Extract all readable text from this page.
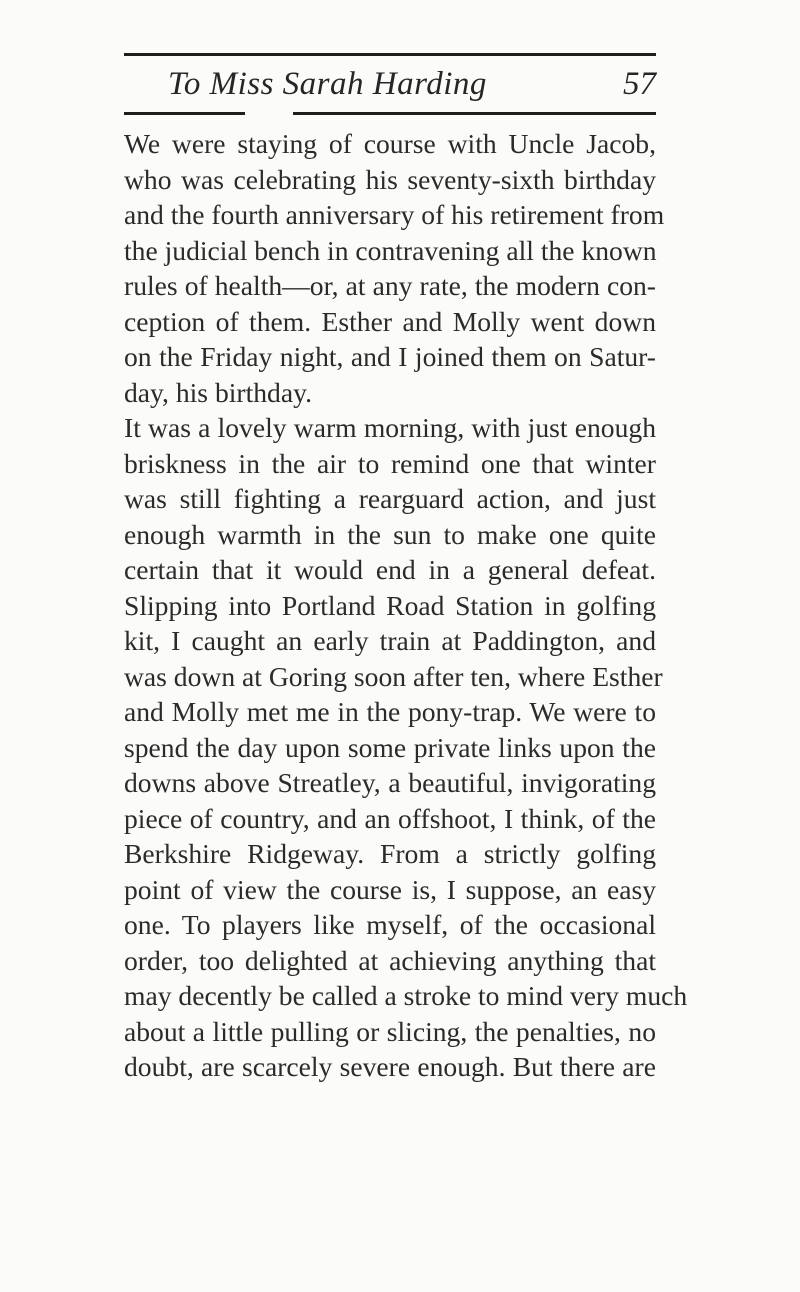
To Miss Sarah Harding	57
We were staying of course with Uncle Jacob,
who was celebrating his seventy-sixth birthday
and the fourth anniversary of his retirement from
the judicial bench in contravening all the known
rules of health—or, at any rate, the modern con-
ception of them. Esther and Molly went down
on the Friday night, and I joined them on Satur-
day, his birthday.
It was a lovely warm morning, with just enough
briskness in the air to remind one that winter
was still fighting a rearguard action, and just
enough warmth in the sun to make one quite
certain that it would end in a general defeat.
Slipping into Portland Road Station in golfing
kit, I caught an early train at Paddington, and
was down at Goring soon after ten, where Esther
and Molly met me in the pony-trap. We were to
spend the day upon some private links upon the
downs above Streatley, a beautiful, invigorating
piece of country, and an offshoot, I think, of the
Berkshire Ridgeway. From a strictly golfing
point of view the course is, I suppose, an easy
one. To players like myself, of the occasional
order, too delighted at achieving anything that
may decently be called a stroke to mind very much
about a little pulling or slicing, the penalties, no
doubt, are scarcely severe enough. But there are
